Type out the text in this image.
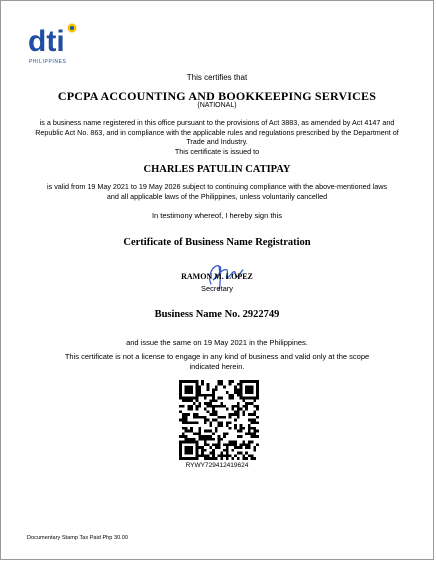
dti
PHILIPPINES
This certifies that
CPCPA ACCOUNTING AND BOOKKEEPING SERVICES
(NATIONAL)
is a business name registered in this office pursuant to the provisions of Act 3883, as amended by Act 4147 and Republic Act No. 863, and in compliance with the applicable rules and regulations prescribed by the Department of Trade and Industry.
This certificate is issued to
CHARLES PATULIN CATIPAY
is valid from 19 May 2021 to 19 May 2026 subject to continuing compliance with the above-mentioned laws and all applicable laws of the Philippines, unless voluntarily cancelled
In testimony whereof, I hereby sign this
Certificate of Business Name Registration
RAMON M. LOPEZ
Secretary
Business Name No. 2922749
and issue the same on 19 May 2021 in the Philippines.
This certificate is not a license to engage in any kind of business and valid only at the scope indicated herein.
RYWY729412419624
Documentary Stamp Tax Paid Php 30.00
